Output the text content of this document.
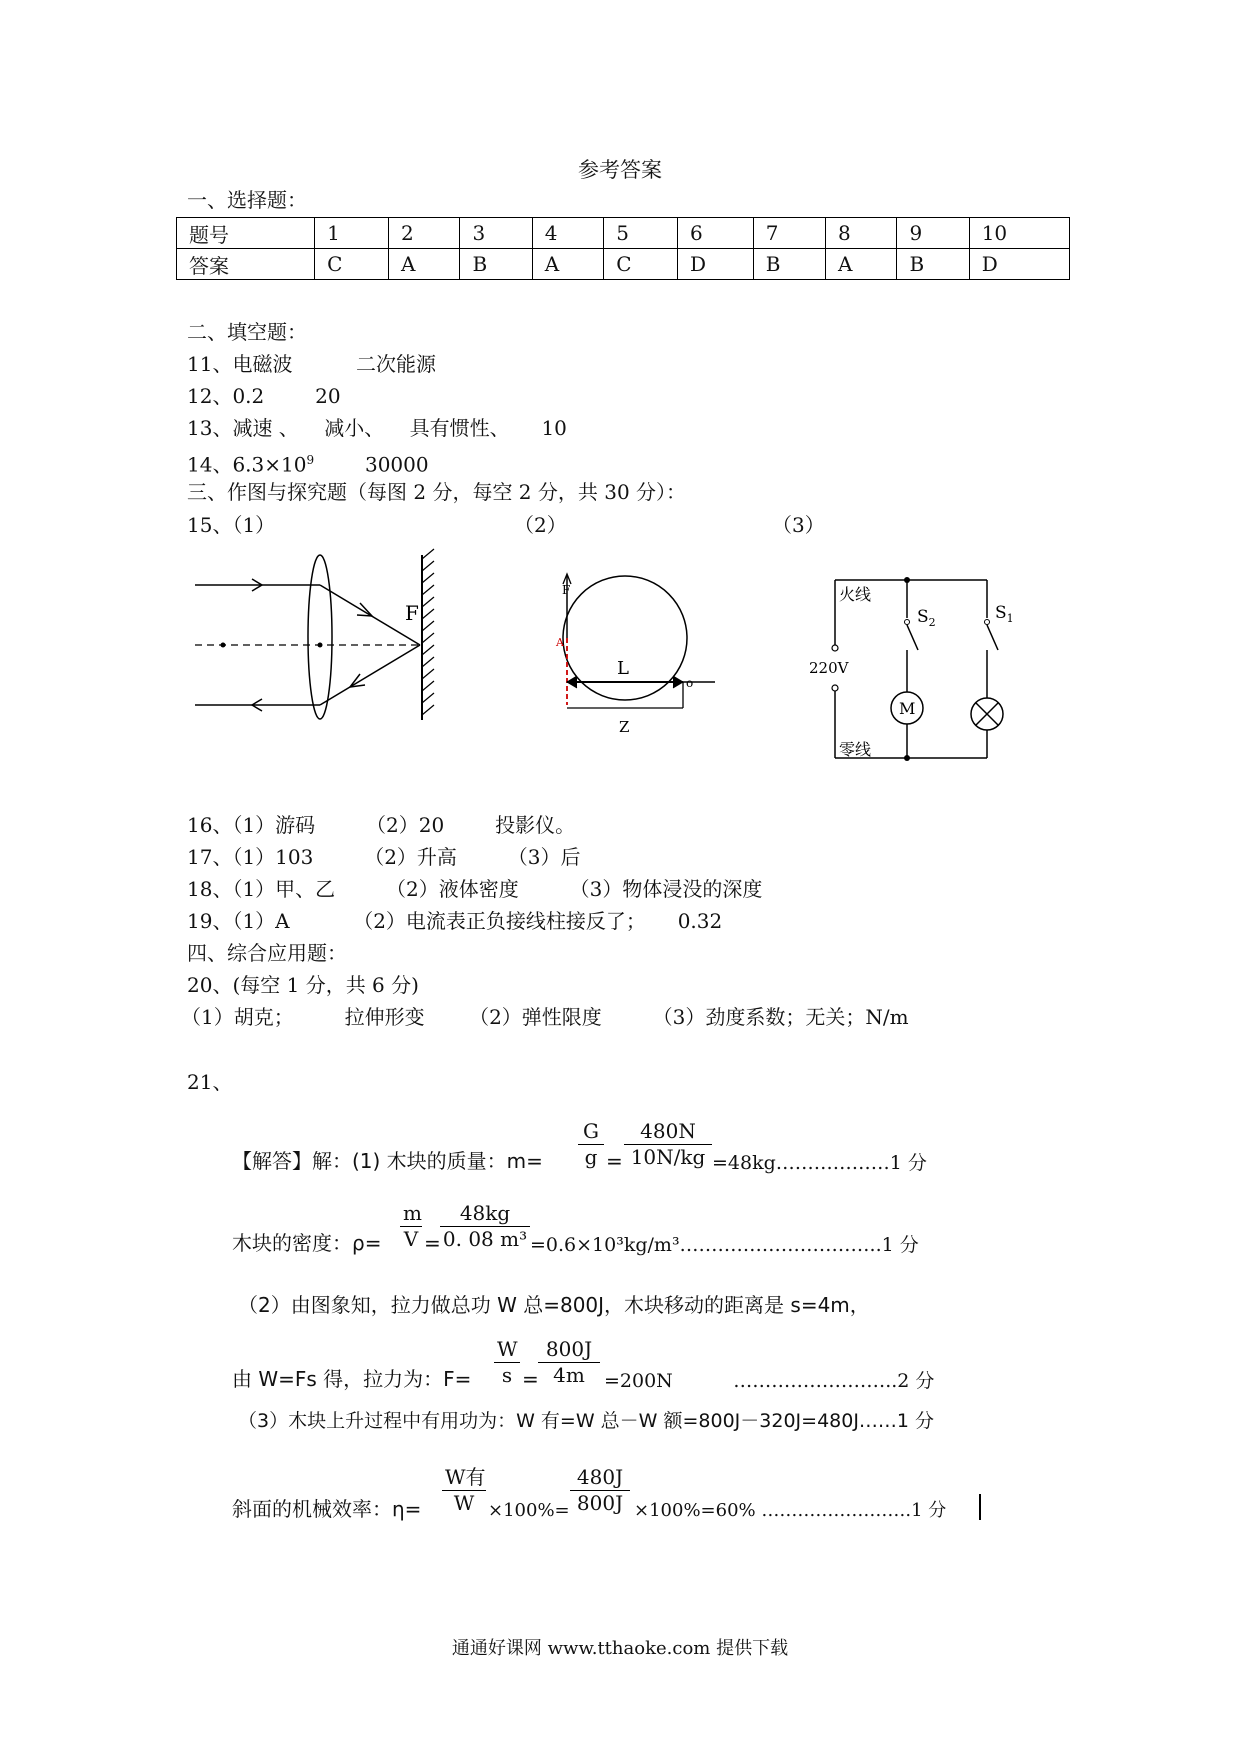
参考答案
一、选择题：
题号	1	2	3	4	5	6	7	8	9	10
答案	C	A	B	A	C	D	B	A	B	D
二、填空题：
11、电磁波          二次能源
12、0.2        20
13、减速 、    减小、    具有惯性、     10
14、$6.3\times 10^9$        30000
三、作图与探究题（每图 2 分，每空 2 分，共 30 分）：
15、（1）	（2）	（3）
F
F
A
L
o
Z
火线
零线
220V
$S_2$	$S_1$
M
16、（1）游码        （2）20        投影仪。
17、（1）103        （2）升高        （3）后
18、（1）甲、乙        （2）液体密度        （3）物体浸没的深度
19、（1）A          （2）电流表正负接线柱接反了；     0.32
四、综合应用题：
20、(每空 1 分，共 6 分)
（1）胡克；        拉伸形变       （2）弹性限度        （3）劲度系数；无关；N/m
21、
【解答】解：(1) 木块的质量：$m= \frac{G}{g} = \frac{480N}{10N/kg}$ =48kg………………1 分
木块的密度：$\rho= \frac{m}{V} = \frac{48kg}{\text{0. 08 m³}}$ =0.6×10³kg/m³…………………………..1 分
（2）由图象知，拉力做总功 W 总=800J，木块移动的距离是 s=4m，
由 W=Fs 得，拉力为：$F= \frac{W}{s} = \frac{800J}{4m} =200N$          ……………………..2 分
（3）木块上升过程中有用功为：W 有=W 总－W 额=800J－320J=480J……1 分
斜面的机械效率：η=
W有
$W \times 100\%= \frac{480J}{800J} \times 100\%=60\%$ …………………….1 分
通通好课网 www.tthaoke.com 提供下载
